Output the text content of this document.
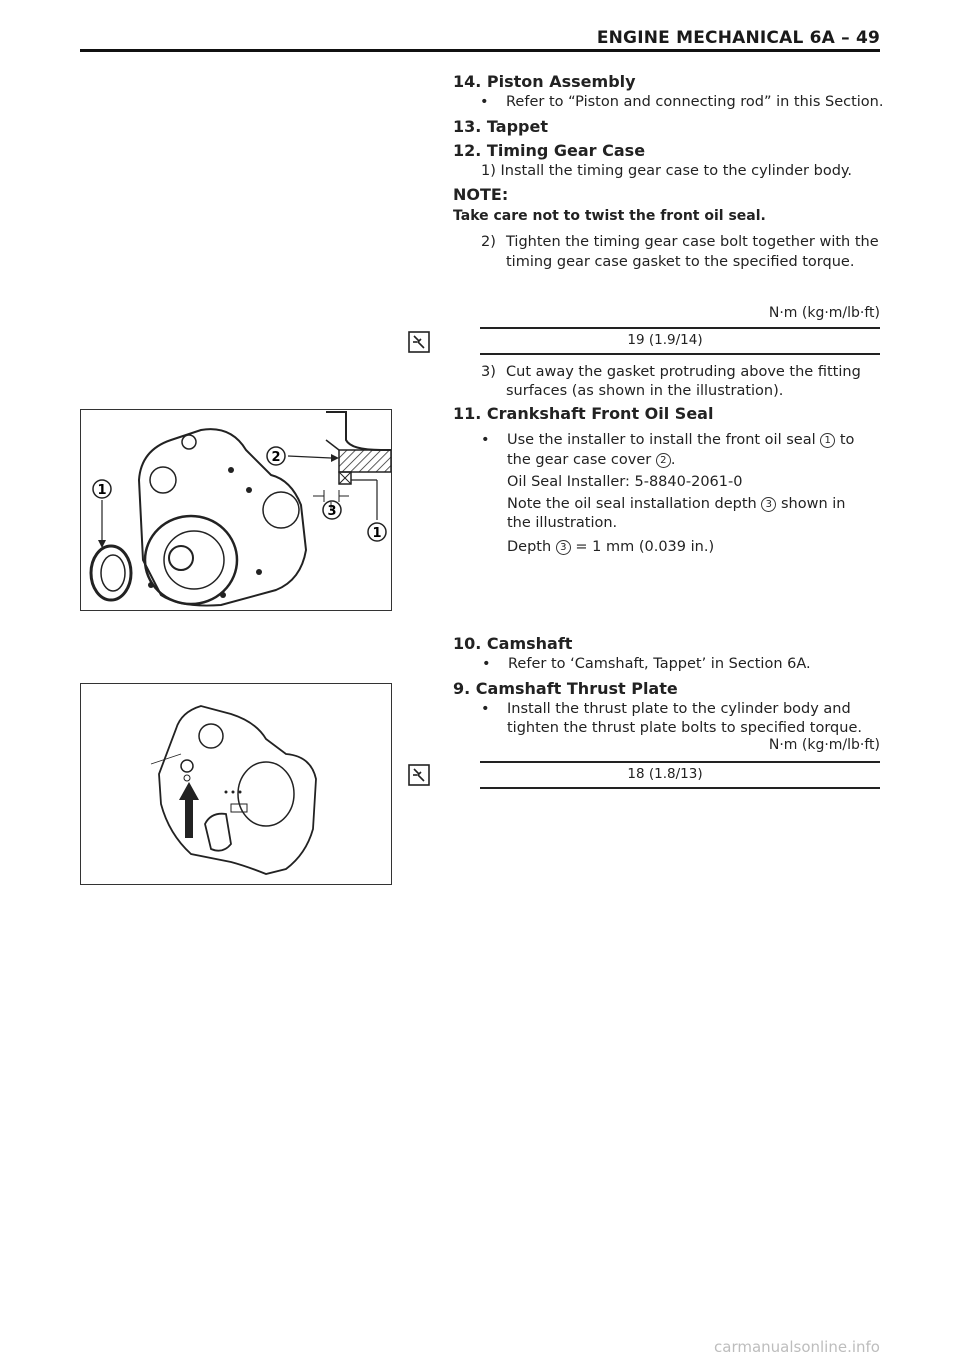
ENGINE MECHANICAL 6A – 49
14. Piston Assembly
• Refer to “Piston and connecting rod” in this Section.
13. Tappet
12. Timing Gear Case
1) Install the timing gear case to the cylinder body.
NOTE:
Take care not to twist the front oil seal.
2) Tighten the timing gear case bolt together with the
timing gear case gasket to the specified torque.
N·m (kg·m/lb·ft)
19 (1.9/14)
3) Cut away the gasket protruding above the fitting
surfaces (as shown in the illustration).
11. Crankshaft Front Oil Seal
• Use the installer to install the front oil seal 1 to
the gear case cover 2 .
Oil Seal Installer: 5-8840-2061-0
Note the oil seal installation depth 3 shown in
the illustration.
Depth 3 = 1 mm (0.039 in.)
1
2
3
1
10. Camshaft
• Refer to ‘Camshaft, Tappet’ in Section 6A.
9. Camshaft Thrust Plate
• Install the thrust plate to the cylinder body and
tighten the thrust plate bolts to specified torque.
N·m (kg·m/lb·ft)
18 (1.8/13)
carmanualsonline.info
